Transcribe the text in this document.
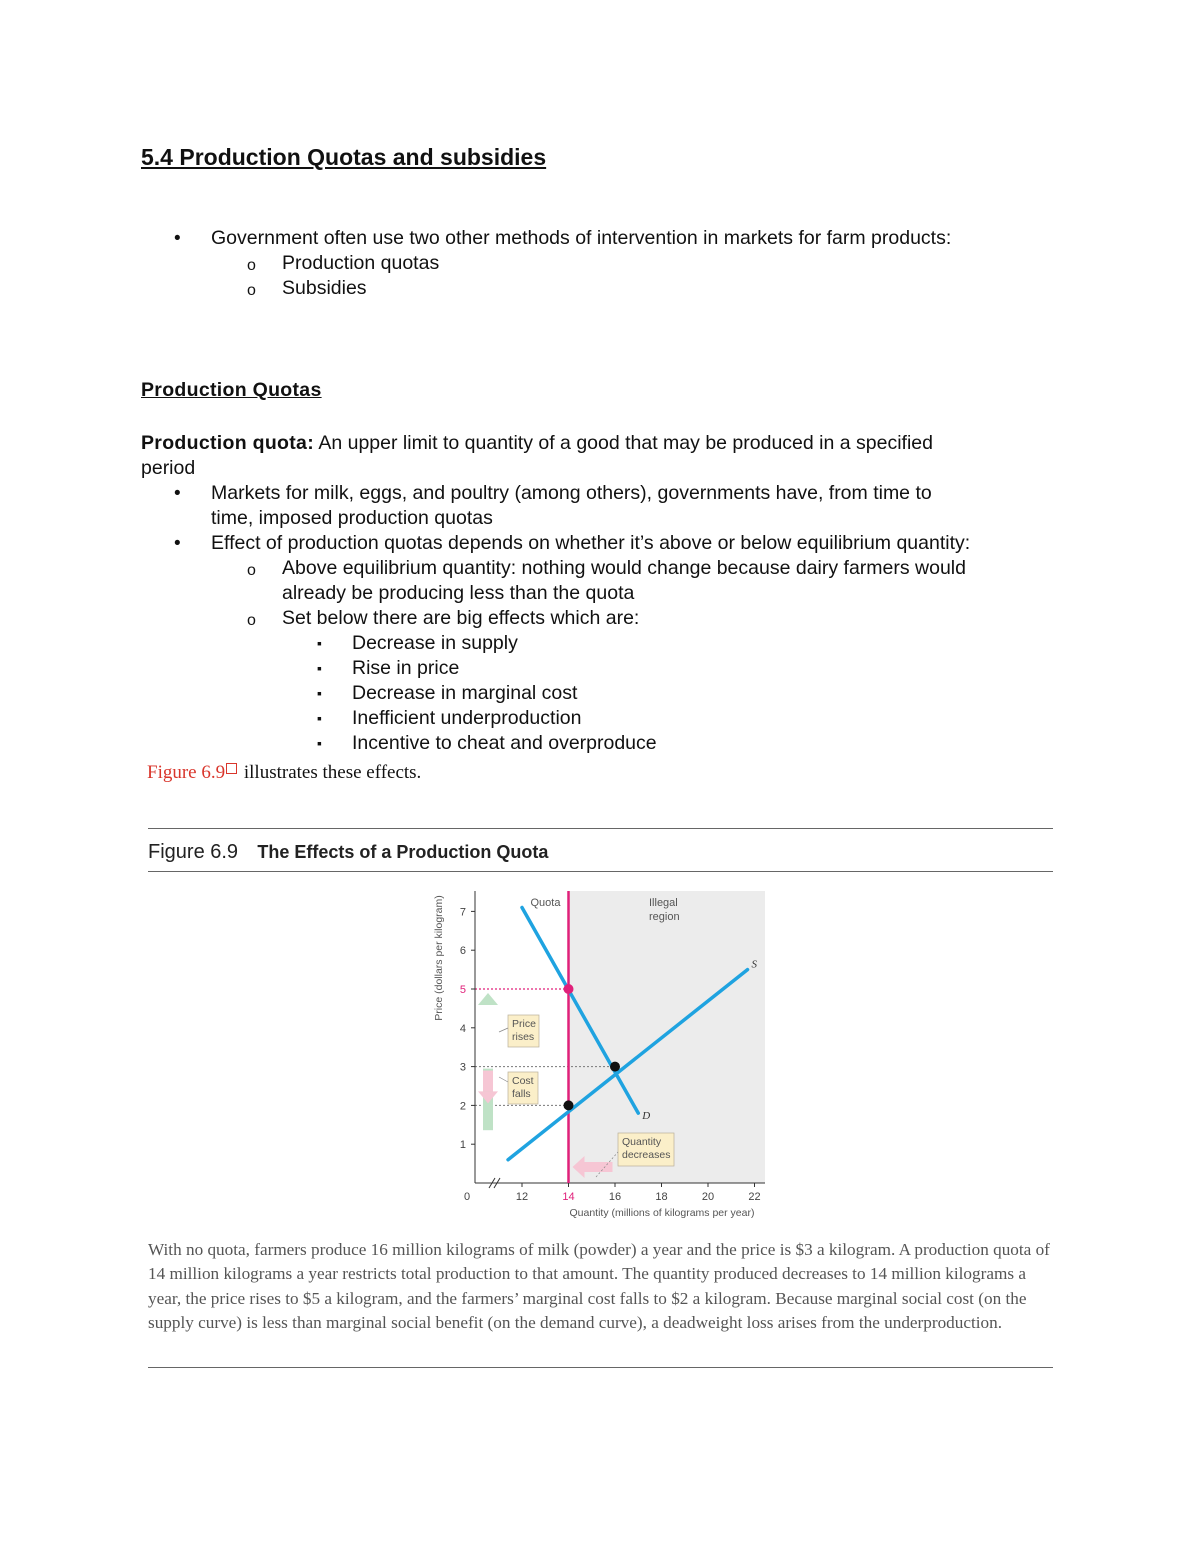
5.4 Production Quotas and subsidies
• Government often use two other methods of intervention in markets for farm products:
o Production quotas
o Subsidies
Production Quotas
Production quota: An upper limit to quantity of a good that may be produced in a specified
period
• Markets for milk, eggs, and poultry (among others), governments have, from time to
time, imposed production quotas
• Effect of production quotas depends on whether it’s above or below equilibrium quantity:
o Above equilibrium quantity: nothing would change because dairy farmers would
already be producing less than the quota
o Set below there are big effects which are:
▪ Decrease in supply
▪ Rise in price
▪ Decrease in marginal cost
▪ Inefficient underproduction
▪ Incentive to cheat and overproduce
Figure 6.9 illustrates these effects.
Figure 6.9 The Effects of a Production Quota
12	14	16	18	20	22
0
1
2
3
4
5
6
7
Price
rises
Cost
falls
Quantity
decreases
Quota	Illegal
region
S
D
Quantity (millions of kilograms per year)
Price (dollars per kilogram)
With no quota, farmers produce 16 million kilograms of milk (powder) a year and the price is $3 a kilogram. A production quota of 14 million kilograms a year restricts total production to that amount. The quantity produced decreases to 14 million kilograms a year, the price rises to $5 a kilogram, and the farmers’ marginal cost falls to $2 a kilogram. Because marginal social cost (on the supply curve) is less than marginal social benefit (on the demand curve), a deadweight loss arises from the underproduction.
